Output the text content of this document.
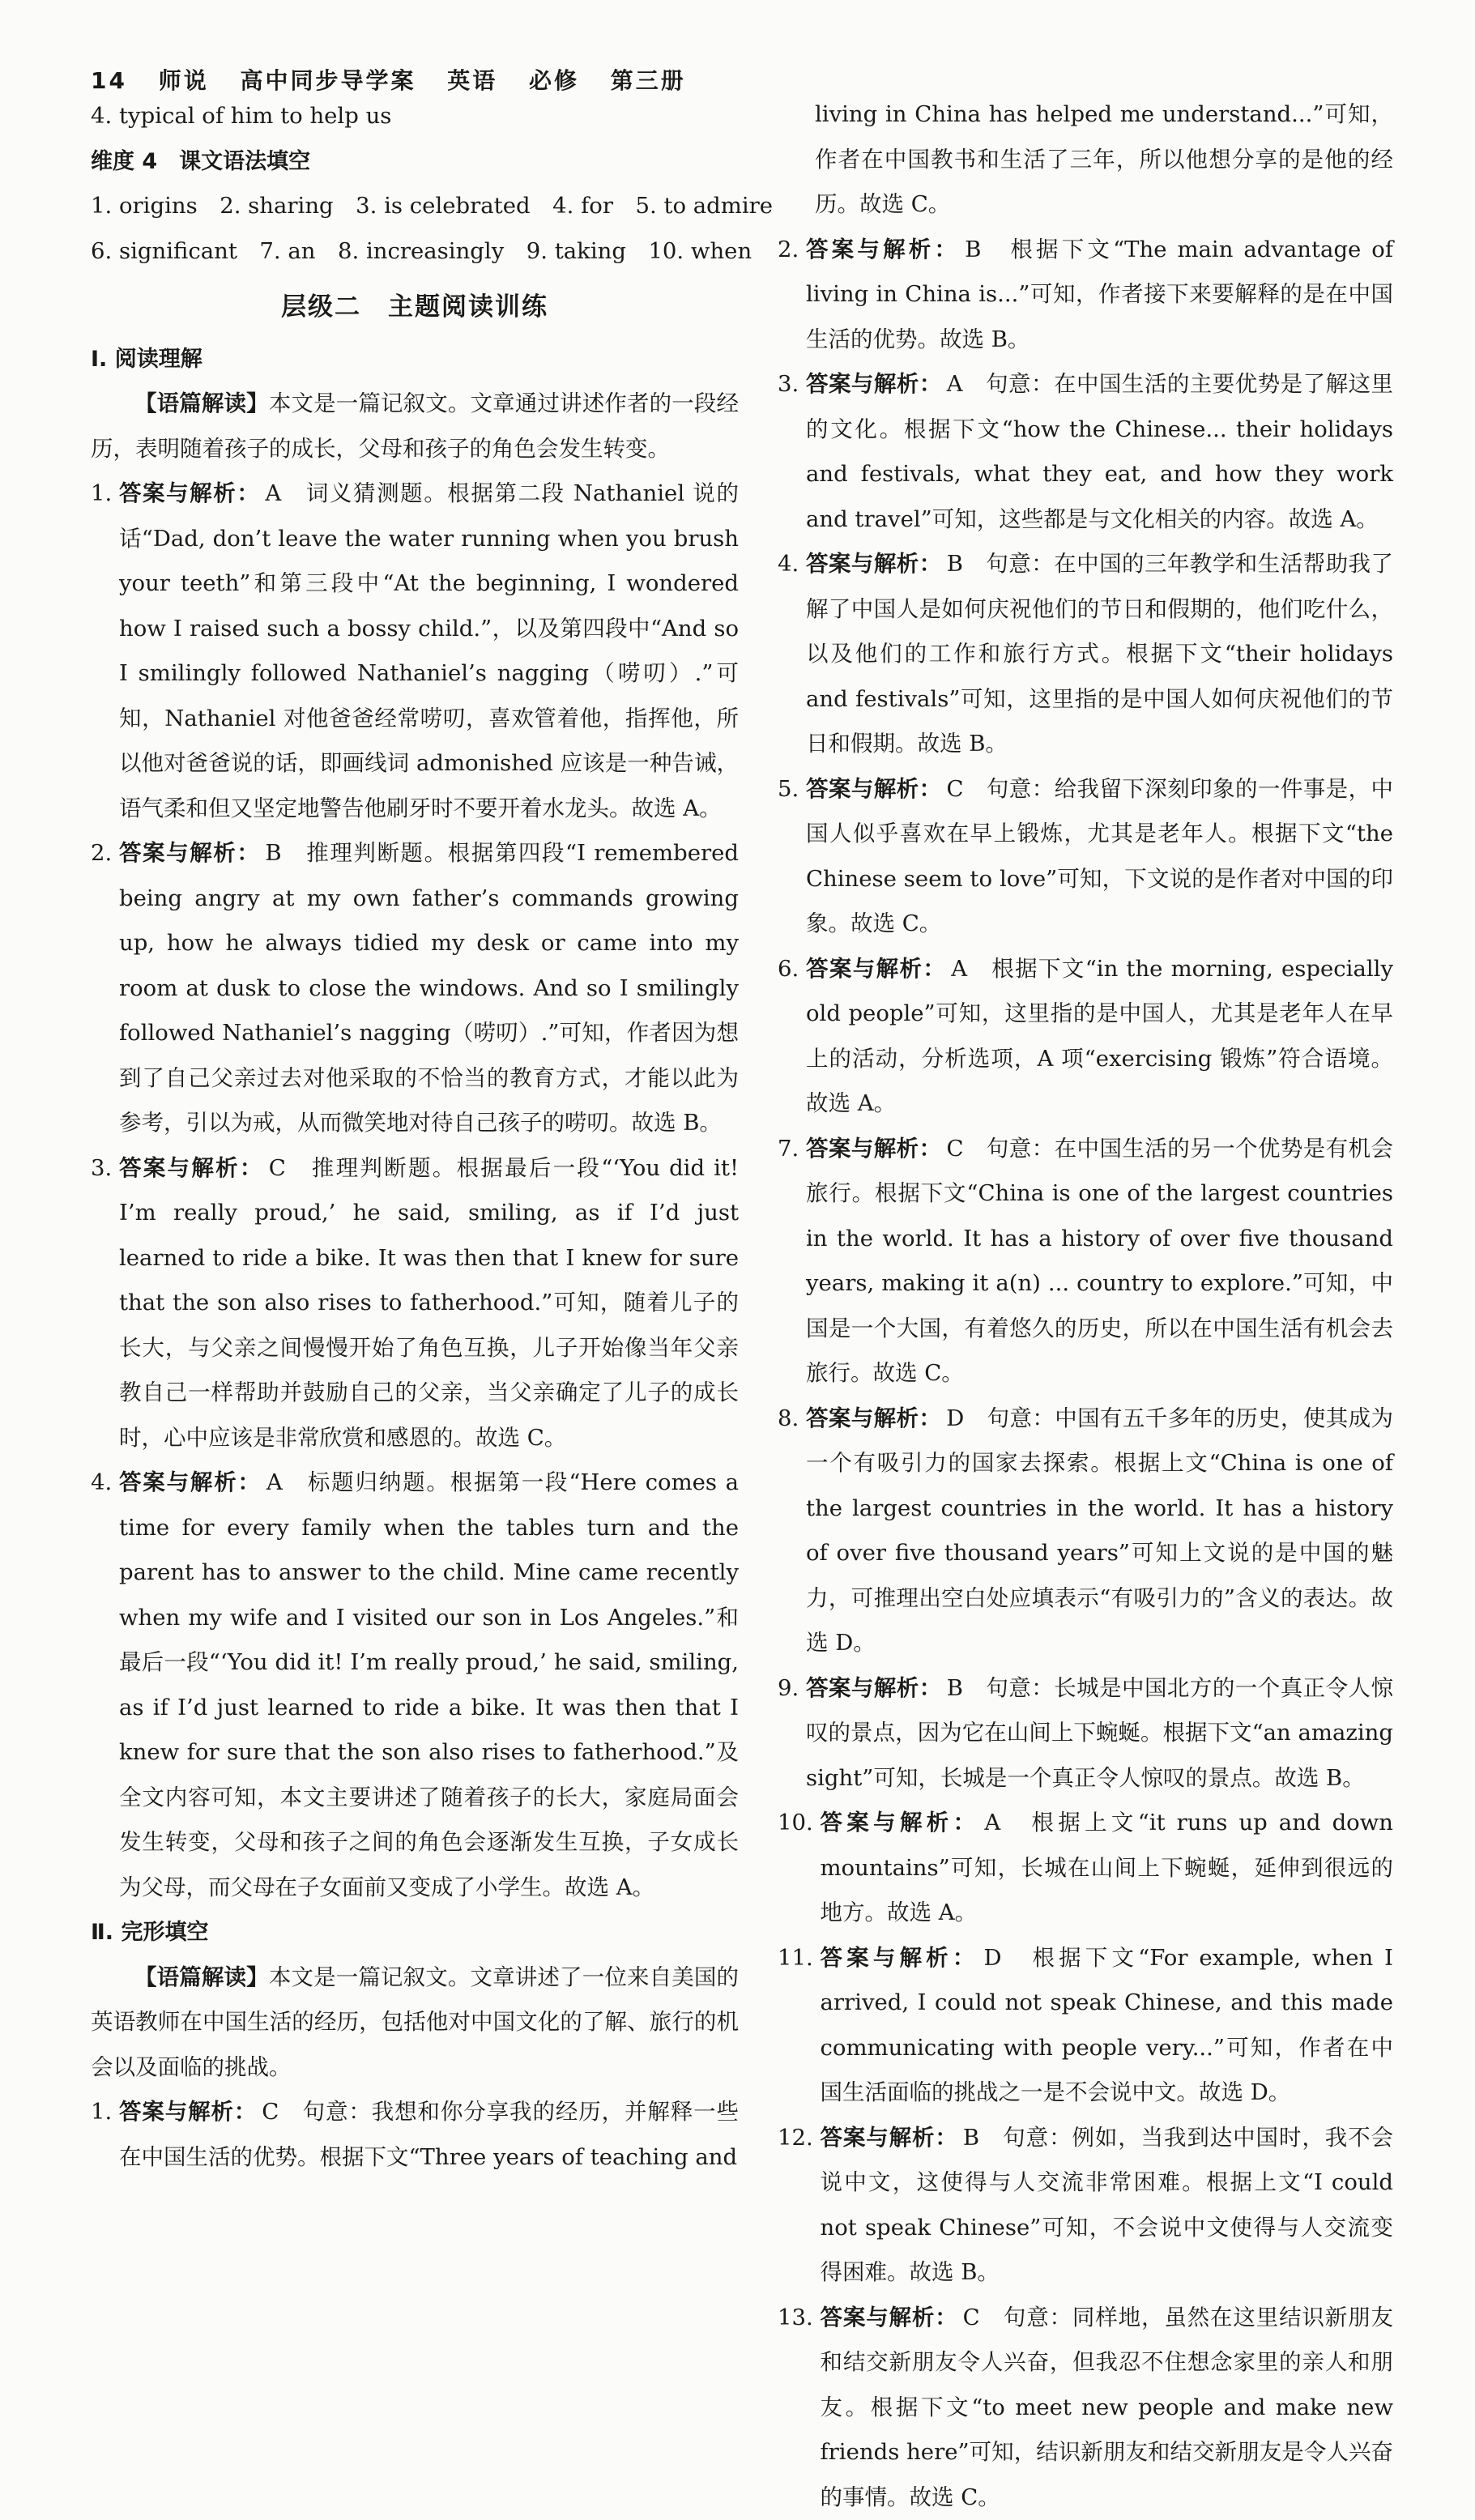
14 师说 高中同步导学案 英语 必修 第三册
4. typical of him to help us
维度 4　课文语法填空
1. origins　2. sharing　3. is celebrated　4. for　5. to admire
6. significant　7. an　8. increasingly　9. taking　10. when
层级二　主题阅读训练
Ⅰ. 阅读理解
【语篇解读】本文是一篇记叙文。文章通过讲述作者的一段经历，表明随着孩子的成长，父母和孩子的角色会发生转变。
1. 答案与解析： A　词义猜测题。根据第二段 Nathaniel 说的话“Dad, don’t leave the water running when you brush your teeth”和第三段中“At the beginning, I wondered how I raised such a bossy child.”，以及第四段中“And so I smilingly followed Nathaniel’s nagging（唠叨）.”可知，Nathaniel 对他爸爸经常唠叨，喜欢管着他，指挥他，所以他对爸爸说的话，即画线词 admonished 应该是一种告诫，语气柔和但又坚定地警告他刷牙时不要开着水龙头。故选 A。
2. 答案与解析： B　推理判断题。根据第四段“I remembered being angry at my own father’s commands growing up, how he always tidied my desk or came into my room at dusk to close the windows. And so I smilingly followed Nathaniel’s nagging（唠叨）.”可知，作者因为想到了自己父亲过去对他采取的不恰当的教育方式，才能以此为参考，引以为戒，从而微笑地对待自己孩子的唠叨。故选 B。
3. 答案与解析： C　推理判断题。根据最后一段“‘You did it! I’m really proud,’ he said, smiling, as if I’d just learned to ride a bike. It was then that I knew for sure that the son also rises to fatherhood.”可知，随着儿子的长大，与父亲之间慢慢开始了角色互换，儿子开始像当年父亲教自己一样帮助并鼓励自己的父亲，当父亲确定了儿子的成长时，心中应该是非常欣赏和感恩的。故选 C。
4. 答案与解析： A　标题归纳题。根据第一段“Here comes a time for every family when the tables turn and the parent has to answer to the child. Mine came recently when my wife and I visited our son in Los Angeles.”和最后一段“‘You did it! I’m really proud,’ he said, smiling, as if I’d just learned to ride a bike. It was then that I knew for sure that the son also rises to fatherhood.”及全文内容可知，本文主要讲述了随着孩子的长大，家庭局面会发生转变，父母和孩子之间的角色会逐渐发生互换，子女成长为父母，而父母在子女面前又变成了小学生。故选 A。
Ⅱ. 完形填空
【语篇解读】本文是一篇记叙文。文章讲述了一位来自美国的英语教师在中国生活的经历，包括他对中国文化的了解、旅行的机会以及面临的挑战。
1. 答案与解析： C　句意：我想和你分享我的经历，并解释一些在中国生活的优势。根据下文“Three years of teaching and
living in China has helped me understand...”可知，作者在中国教书和生活了三年，所以他想分享的是他的经历。故选 C。
2. 答案与解析： B　根据下文“The main advantage of living in China is...”可知，作者接下来要解释的是在中国生活的优势。故选 B。
3. 答案与解析： A　句意：在中国生活的主要优势是了解这里的文化。根据下文“how the Chinese... their holidays and festivals, what they eat, and how they work and travel”可知，这些都是与文化相关的内容。故选 A。
4. 答案与解析： B　句意：在中国的三年教学和生活帮助我了解了中国人是如何庆祝他们的节日和假期的，他们吃什么，以及他们的工作和旅行方式。根据下文“their holidays and festivals”可知，这里指的是中国人如何庆祝他们的节日和假期。故选 B。
5. 答案与解析： C　句意：给我留下深刻印象的一件事是，中国人似乎喜欢在早上锻炼，尤其是老年人。根据下文“the Chinese seem to love”可知，下文说的是作者对中国的印象。故选 C。
6. 答案与解析： A　根据下文“in the morning, especially old people”可知，这里指的是中国人，尤其是老年人在早上的活动，分析选项，A 项“exercising 锻炼”符合语境。故选 A。
7. 答案与解析： C　句意：在中国生活的另一个优势是有机会旅行。根据下文“China is one of the largest countries in the world. It has a history of over five thousand years, making it a(n) ... country to explore.”可知，中国是一个大国，有着悠久的历史，所以在中国生活有机会去旅行。故选 C。
8. 答案与解析： D　句意：中国有五千多年的历史，使其成为一个有吸引力的国家去探索。根据上文“China is one of the largest countries in the world. It has a history of over five thousand years”可知上文说的是中国的魅力，可推理出空白处应填表示“有吸引力的”含义的表达。故选 D。
9. 答案与解析： B　句意：长城是中国北方的一个真正令人惊叹的景点，因为它在山间上下蜿蜒。根据下文“an amazing sight”可知，长城是一个真正令人惊叹的景点。故选 B。
10. 答案与解析： A　根据上文“it runs up and down mountains”可知，长城在山间上下蜿蜒，延伸到很远的地方。故选 A。
11. 答案与解析： D　根据下文“For example, when I arrived, I could not speak Chinese, and this made communicating with people very...”可知，作者在中国生活面临的挑战之一是不会说中文。故选 D。
12. 答案与解析： B　句意：例如，当我到达中国时，我不会说中文，这使得与人交流非常困难。根据上文“I could not speak Chinese”可知，不会说中文使得与人交流变得困难。故选 B。
13. 答案与解析： C　句意：同样地，虽然在这里结识新朋友和结交新朋友令人兴奋，但我忍不住想念家里的亲人和朋友。根据下文“to meet new people and make new friends here”可知，结识新朋友和结交新朋友是令人兴奋的事情。故选 C。
